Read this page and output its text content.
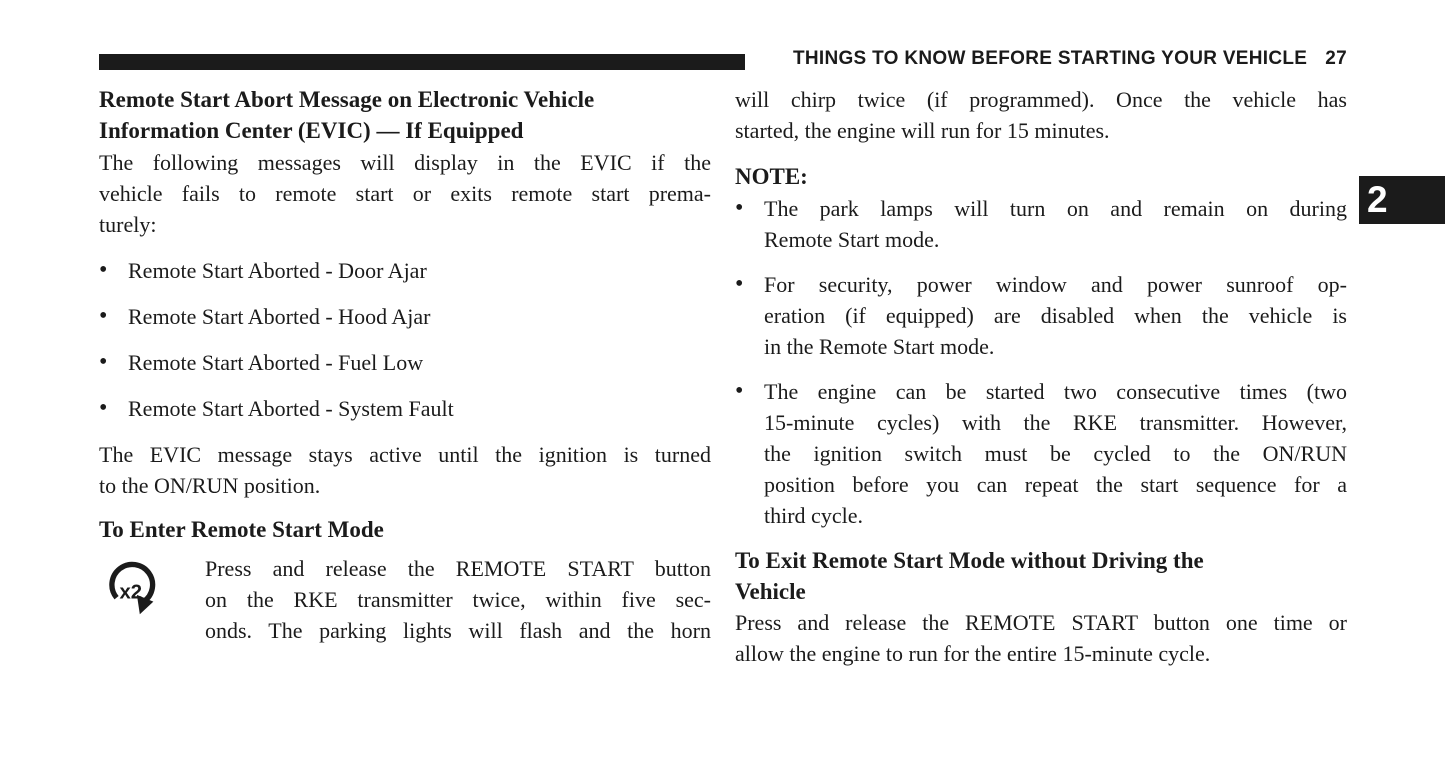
THINGS TO KNOW BEFORE STARTING YOUR VEHICLE 27
2
Remote Start Abort Message on Electronic Vehicle
Information Center (EVIC) — If Equipped
The following messages will display in the EVIC if the
vehicle fails to remote start or exits remote start prema-
turely:
• Remote Start Aborted - Door Ajar
• Remote Start Aborted - Hood Ajar
• Remote Start Aborted - Fuel Low
• Remote Start Aborted - System Fault
The EVIC message stays active until the ignition is turned
to the ON/RUN position.
To Enter Remote Start Mode
x2
Press and release the REMOTE START button
on the RKE transmitter twice, within five sec-
onds. The parking lights will flash and the horn
will chirp twice (if programmed). Once the vehicle has
started, the engine will run for 15 minutes.
NOTE:
• The park lamps will turn on and remain on during
Remote Start mode.
• For security, power window and power sunroof op-
eration (if equipped) are disabled when the vehicle is
in the Remote Start mode.
• The engine can be started two consecutive times (two
15-minute cycles) with the RKE transmitter. However,
the ignition switch must be cycled to the ON/RUN
position before you can repeat the start sequence for a
third cycle.
To Exit Remote Start Mode without Driving the
Vehicle
Press and release the REMOTE START button one time or
allow the engine to run for the entire 15-minute cycle.
